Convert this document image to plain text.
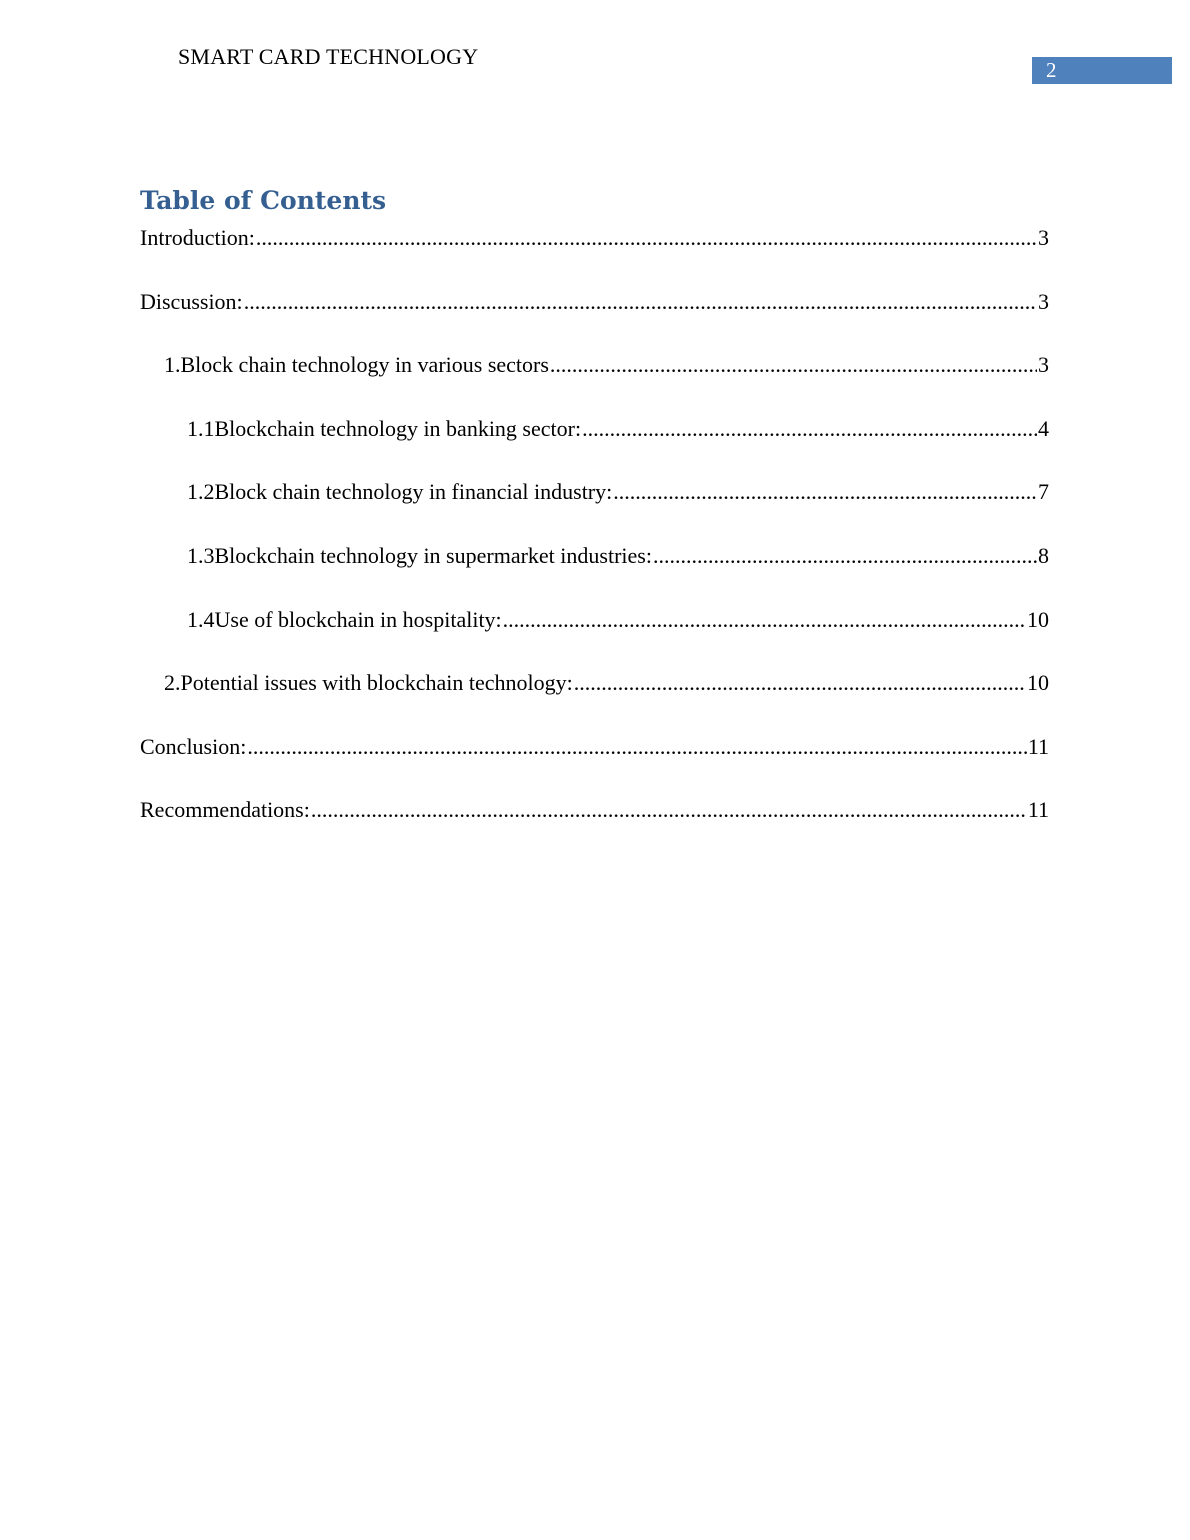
SMART CARD TECHNOLOGY
2
Table of Contents
Introduction: .....	3
Discussion: .....	3
1. Block chain technology in various sectors .....	3
1.1 Blockchain technology in banking sector: .....	4
1.2 Block chain technology in financial industry: .....	7
1.3 Blockchain technology in supermarket industries: .....	8
1.4 Use of blockchain in hospitality: .....	10
2. Potential issues with blockchain technology: .....	10
Conclusion: .....	11
Recommendations: .....	11
